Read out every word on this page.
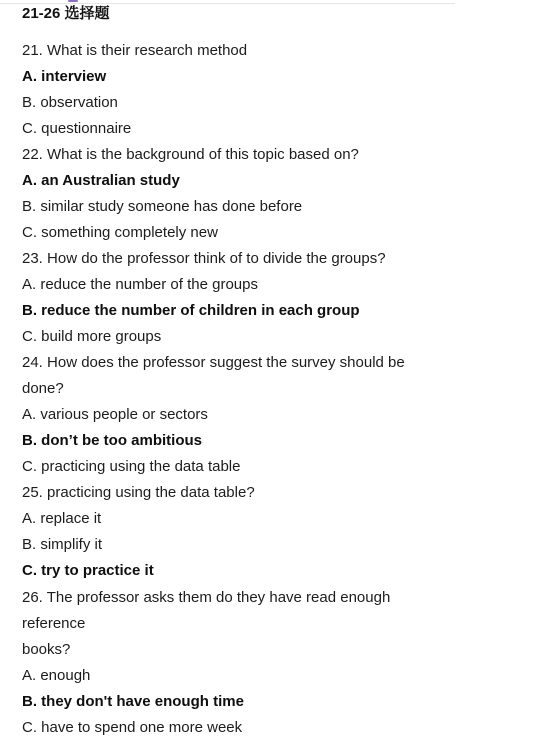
21-26 选择题
21. What is their research method
A. interview
B. observation
C. questionnaire
22. What is the background of this topic based on?
A. an Australian study
B. similar study someone has done before
C. something completely new
23. How do the professor think of to divide the groups?
A. reduce the number of the groups
B. reduce the number of children in each group
C. build more groups
24. How does the professor suggest the survey should be
done?
A. various people or sectors
B. don’t be too ambitious
C. practicing using the data table
25. practicing using the data table?
A. replace it
B. simplify it
C. try to practice it
26. The professor asks them do they have read enough
reference
books?
A. enough
B. they don't have enough time
C. have to spend one more week
